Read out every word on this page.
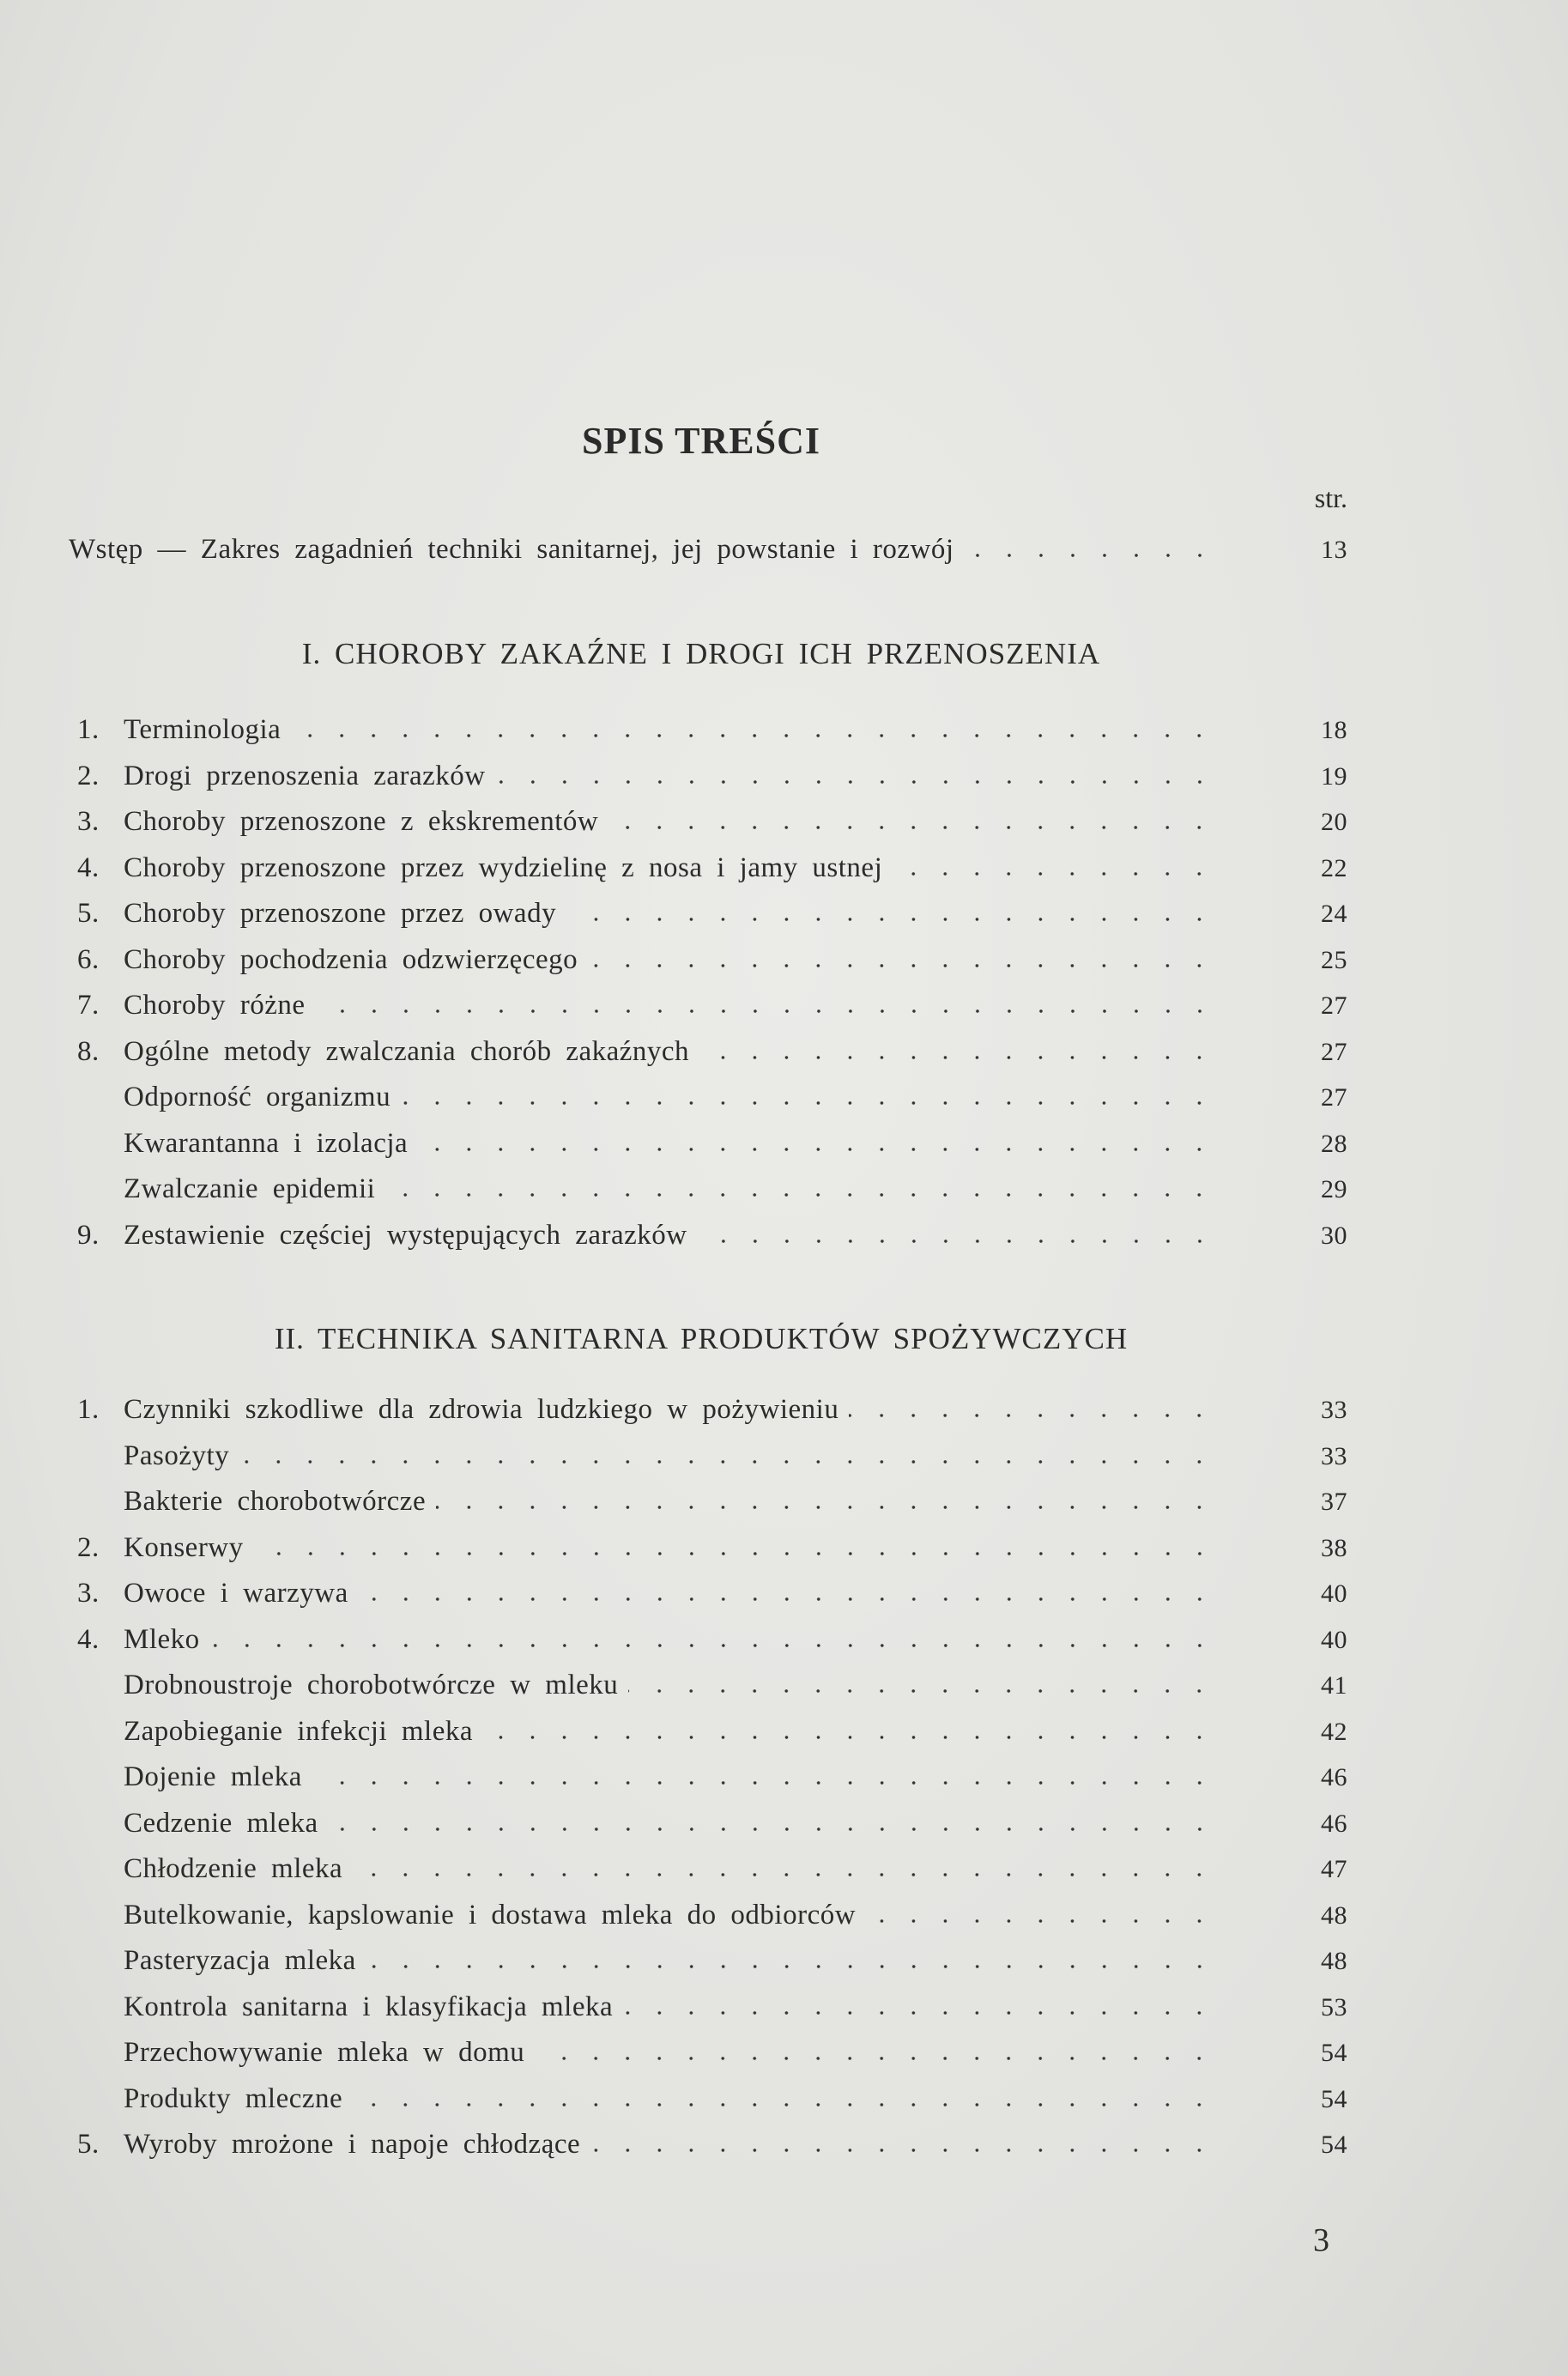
SPIS TREŚCI
str.
Wstęp — Zakres zagadnień techniki sanitarnej, jej powstanie i rozwój	13
I. CHOROBY ZAKAŹNE I DROGI ICH PRZENOSZENIA
1. Terminologia	18
2. Drogi przenoszenia zarazków	19
3. Choroby przenoszone z ekskrementów	20
4. Choroby przenoszone przez wydzielinę z nosa i jamy ustnej	22
5. Choroby przenoszone przez owady	24
6. Choroby pochodzenia odzwierzęcego	25
7. Choroby różne	27
8. Ogólne metody zwalczania chorób zakaźnych	27
Odporność organizmu	27
Kwarantanna i izolacja	28
Zwalczanie epidemii	29
9. Zestawienie częściej występujących zarazków	30
II. TECHNIKA SANITARNA PRODUKTÓW SPOŻYWCZYCH
1. Czynniki szkodliwe dla zdrowia ludzkiego w pożywieniu	33
Pasożyty	33
Bakterie chorobotwórcze	37
2. Konserwy	38
3. Owoce i warzywa	40
4. Mleko	40
Drobnoustroje chorobotwórcze w mleku	41
Zapobieganie infekcji mleka	42
Dojenie mleka	46
Cedzenie mleka	46
Chłodzenie mleka	47
Butelkowanie, kapslowanie i dostawa mleka do odbiorców	48
Pasteryzacja mleka	48
Kontrola sanitarna i klasyfikacja mleka	53
Przechowywanie mleka w domu	54
Produkty mleczne	54
5. Wyroby mrożone i napoje chłodzące	54
3
